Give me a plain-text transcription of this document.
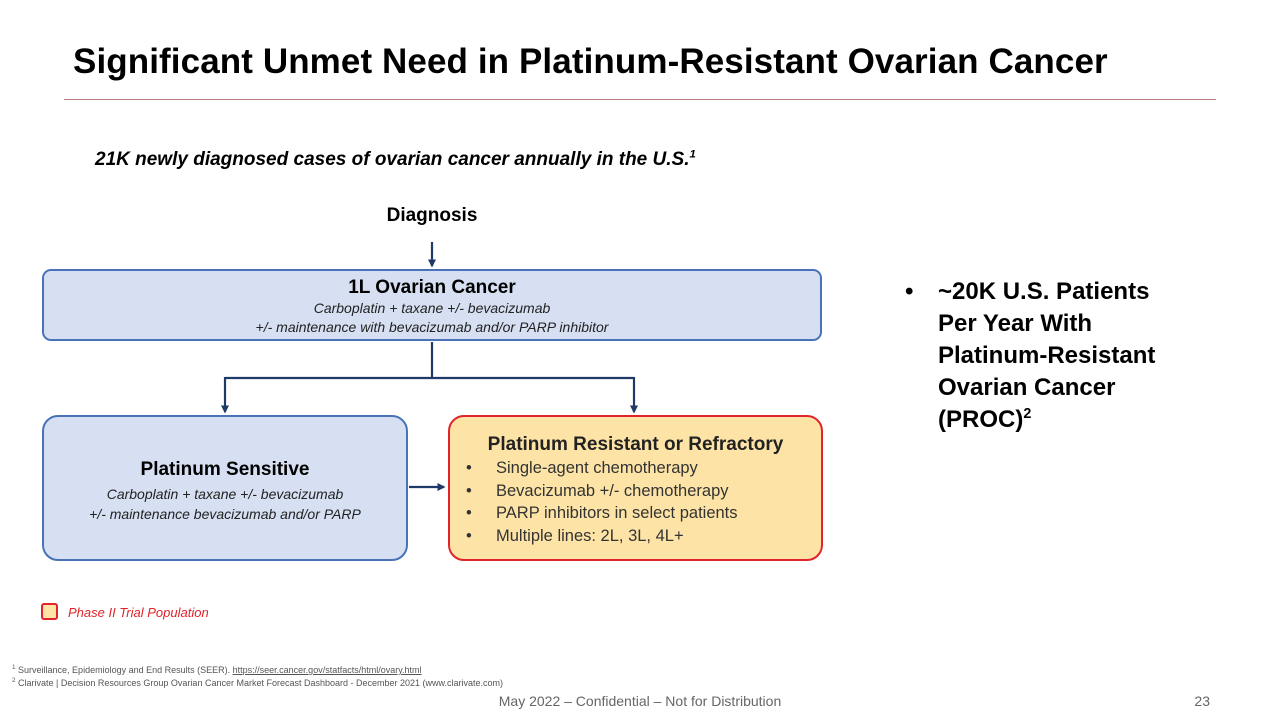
Significant Unmet Need in Platinum-Resistant Ovarian Cancer
21K newly diagnosed cases of ovarian cancer annually in the U.S.$^1$
Diagnosis
1L Ovarian Cancer
Carboplatin + taxane +/- bevacizumab
+/- maintenance with bevacizumab and/or PARP inhibitor
Platinum Sensitive
Carboplatin + taxane +/- bevacizumab
+/- maintenance bevacizumab and/or PARP
Platinum Resistant or Refractory
• Single-agent chemotherapy
• Bevacizumab +/- chemotherapy
• PARP inhibitors in select patients
• Multiple lines: 2L, 3L, 4L+
• ~20K U.S. Patients
Per Year With
Platinum-Resistant
Ovarian Cancer
(PROC)$^2$
Phase II Trial Population
$^1$ Surveillance, Epidemiology and End Results (SEER). https://seer.cancer.gov/statfacts/html/ovary.html
$^2$ Clarivate | Decision Resources Group Ovarian Cancer Market Forecast Dashboard - December 2021 (www.clarivate.com)
May 2022 – Confidential – Not for Distribution	23
